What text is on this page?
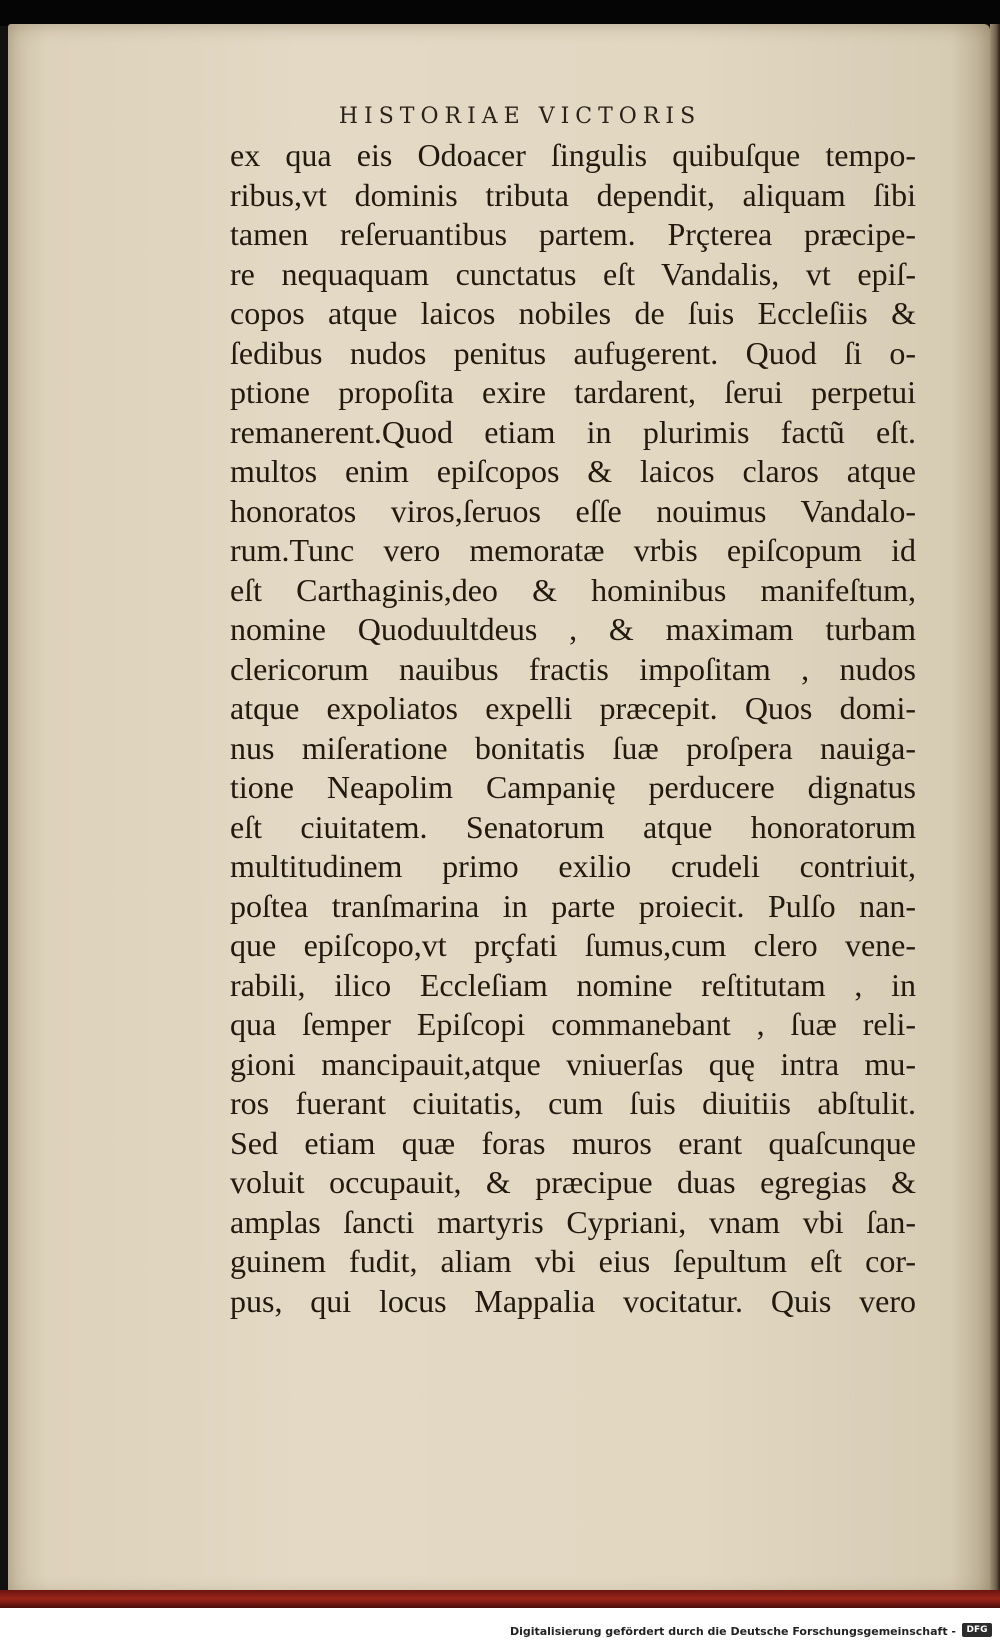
HISTORIAE VICTORIS
ex qua eis Odoacer ſingulis quibuſque tempo-
ribus,vt dominis tributa dependit, aliquam ſibi
tamen reſeruantibus partem. Prçterea præcipe-
re nequaquam cunctatus eſt Vandalis, vt epiſ-
copos atque laicos nobiles de ſuis Eccleſiis &
ſedibus nudos penitus aufugerent. Quod ſi o-
ptione propoſita exire tardarent, ſerui perpetui
remanerent.Quod etiam in plurimis factũ eſt.
multos enim epiſcopos & laicos claros atque
honoratos viros,ſeruos eſſe nouimus Vandalo-
rum.Tunc vero memoratæ vrbis epiſcopum id
eſt Carthaginis,deo & hominibus manifeſtum,
nomine Quoduultdeus , & maximam turbam
clericorum nauibus fractis impoſitam , nudos
atque expoliatos expelli præcepit. Quos domi-
nus miſeratione bonitatis ſuæ proſpera nauiga-
tione Neapolim Campanię perducere dignatus
eſt ciuitatem. Senatorum atque honoratorum
multitudinem primo exilio crudeli contriuit,
poſtea tranſmarina in parte proiecit. Pulſo nan-
que epiſcopo,vt prçfati ſumus,cum clero vene-
rabili, ilico Eccleſiam nomine reſtitutam , in
qua ſemper Epiſcopi commanebant , ſuæ reli-
gioni mancipauit,atque vniuerſas quę intra mu-
ros fuerant ciuitatis, cum ſuis diuitiis abſtulit.
Sed etiam quæ foras muros erant quaſcunque
voluit occupauit, & præcipue duas egregias &
amplas ſancti martyris Cypriani, vnam vbi ſan-
guinem fudit, aliam vbi eius ſepultum eſt cor-
pus, qui locus Mappalia vocitatur. Quis vero
Digitalisierung gefördert durch die Deutsche Forschungsgemeinschaft -	DFG
